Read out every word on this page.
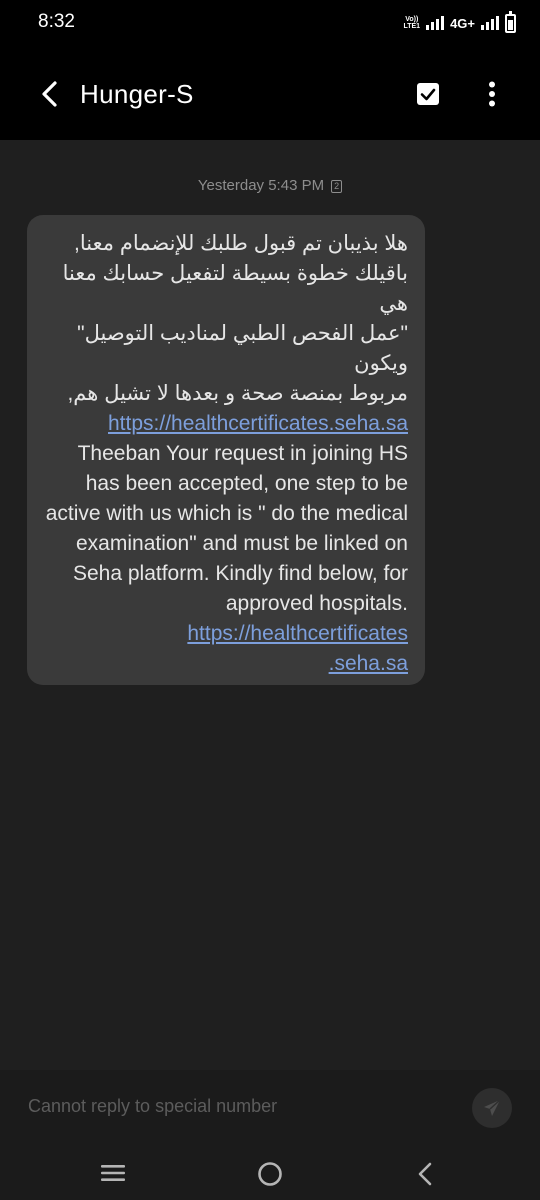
8:32	Vo))
LTE1 4G+
Hunger-S
Yesterday 5:43 PM 2
هلا بذيبان تم قبول طلبك للإنضمام معنا,
باقيلك خطوة بسيطة لتفعيل حسابك معنا هي
"عمل الفحص الطبي لمناديب التوصيل" ويكون
مربوط بمنصة صحة و بعدها لا تشيل هم,
https://healthcertificates.seha.sa
Theeban Your request in joining HS has been accepted, one step to be active with us which is " do the medical examination" and must be linked on Seha platform. Kindly find below, for approved hospitals. https://healthcertificates
.seha.sa
Cannot reply to special number
